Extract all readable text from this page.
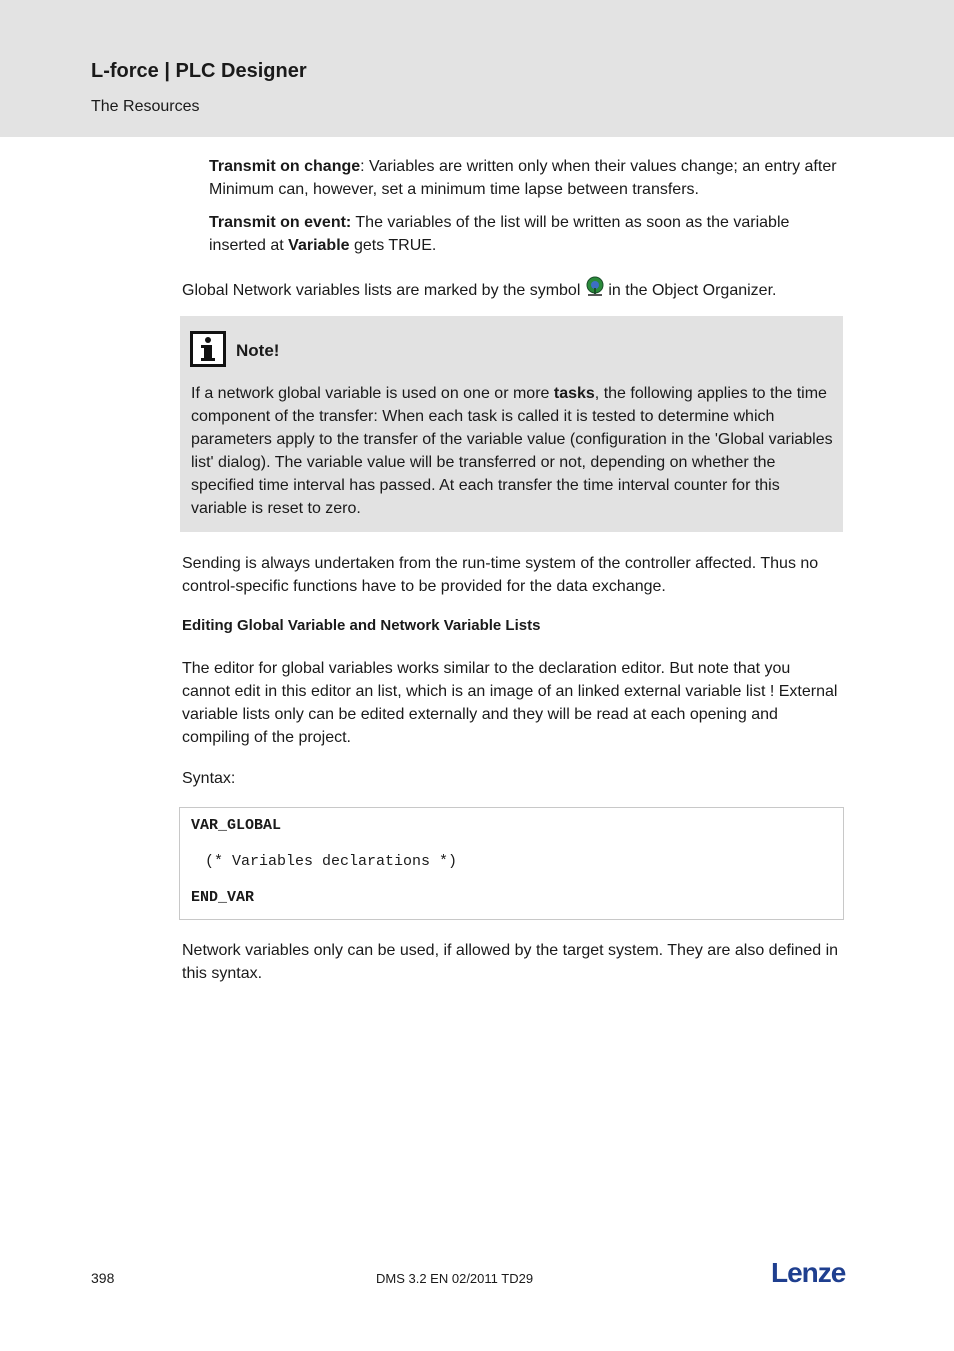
L-force | PLC Designer
The Resources

Transmit on change: Variables are written only when their values change; an entry after Minimum can, however, set a minimum time lapse between transfers.

Transmit on event: The variables of the list will be written as soon as the variable inserted at Variable gets TRUE.

Global Network variables lists are marked by the symbol in the Object Organizer.

Note!

If a network global variable is used on one or more tasks, the following applies to the time component of the transfer: When each task is called it is tested to determine which parameters apply to the transfer of the variable value (configuration in the 'Global variables list' dialog). The variable value will be transferred or not, depending on whether the specified time interval has passed. At each transfer the time interval counter for this variable is reset to zero.

Sending is always undertaken from the run-time system of the controller affected. Thus no control-specific functions have to be provided for the data exchange.

Editing Global Variable and Network Variable Lists

The editor for global variables works similar to the declaration editor. But note that you cannot edit in this editor an list, which is an image of an linked external variable list ! External variable lists only can be edited externally and they will be read at each opening and compiling of the project.

Syntax:

VAR_GLOBAL
(* Variables declarations *)
END_VAR

Network variables only can be used, if allowed by the target system. They are also defined in this syntax.

398	DMS 3.2 EN 02/2011 TD29	Lenze
